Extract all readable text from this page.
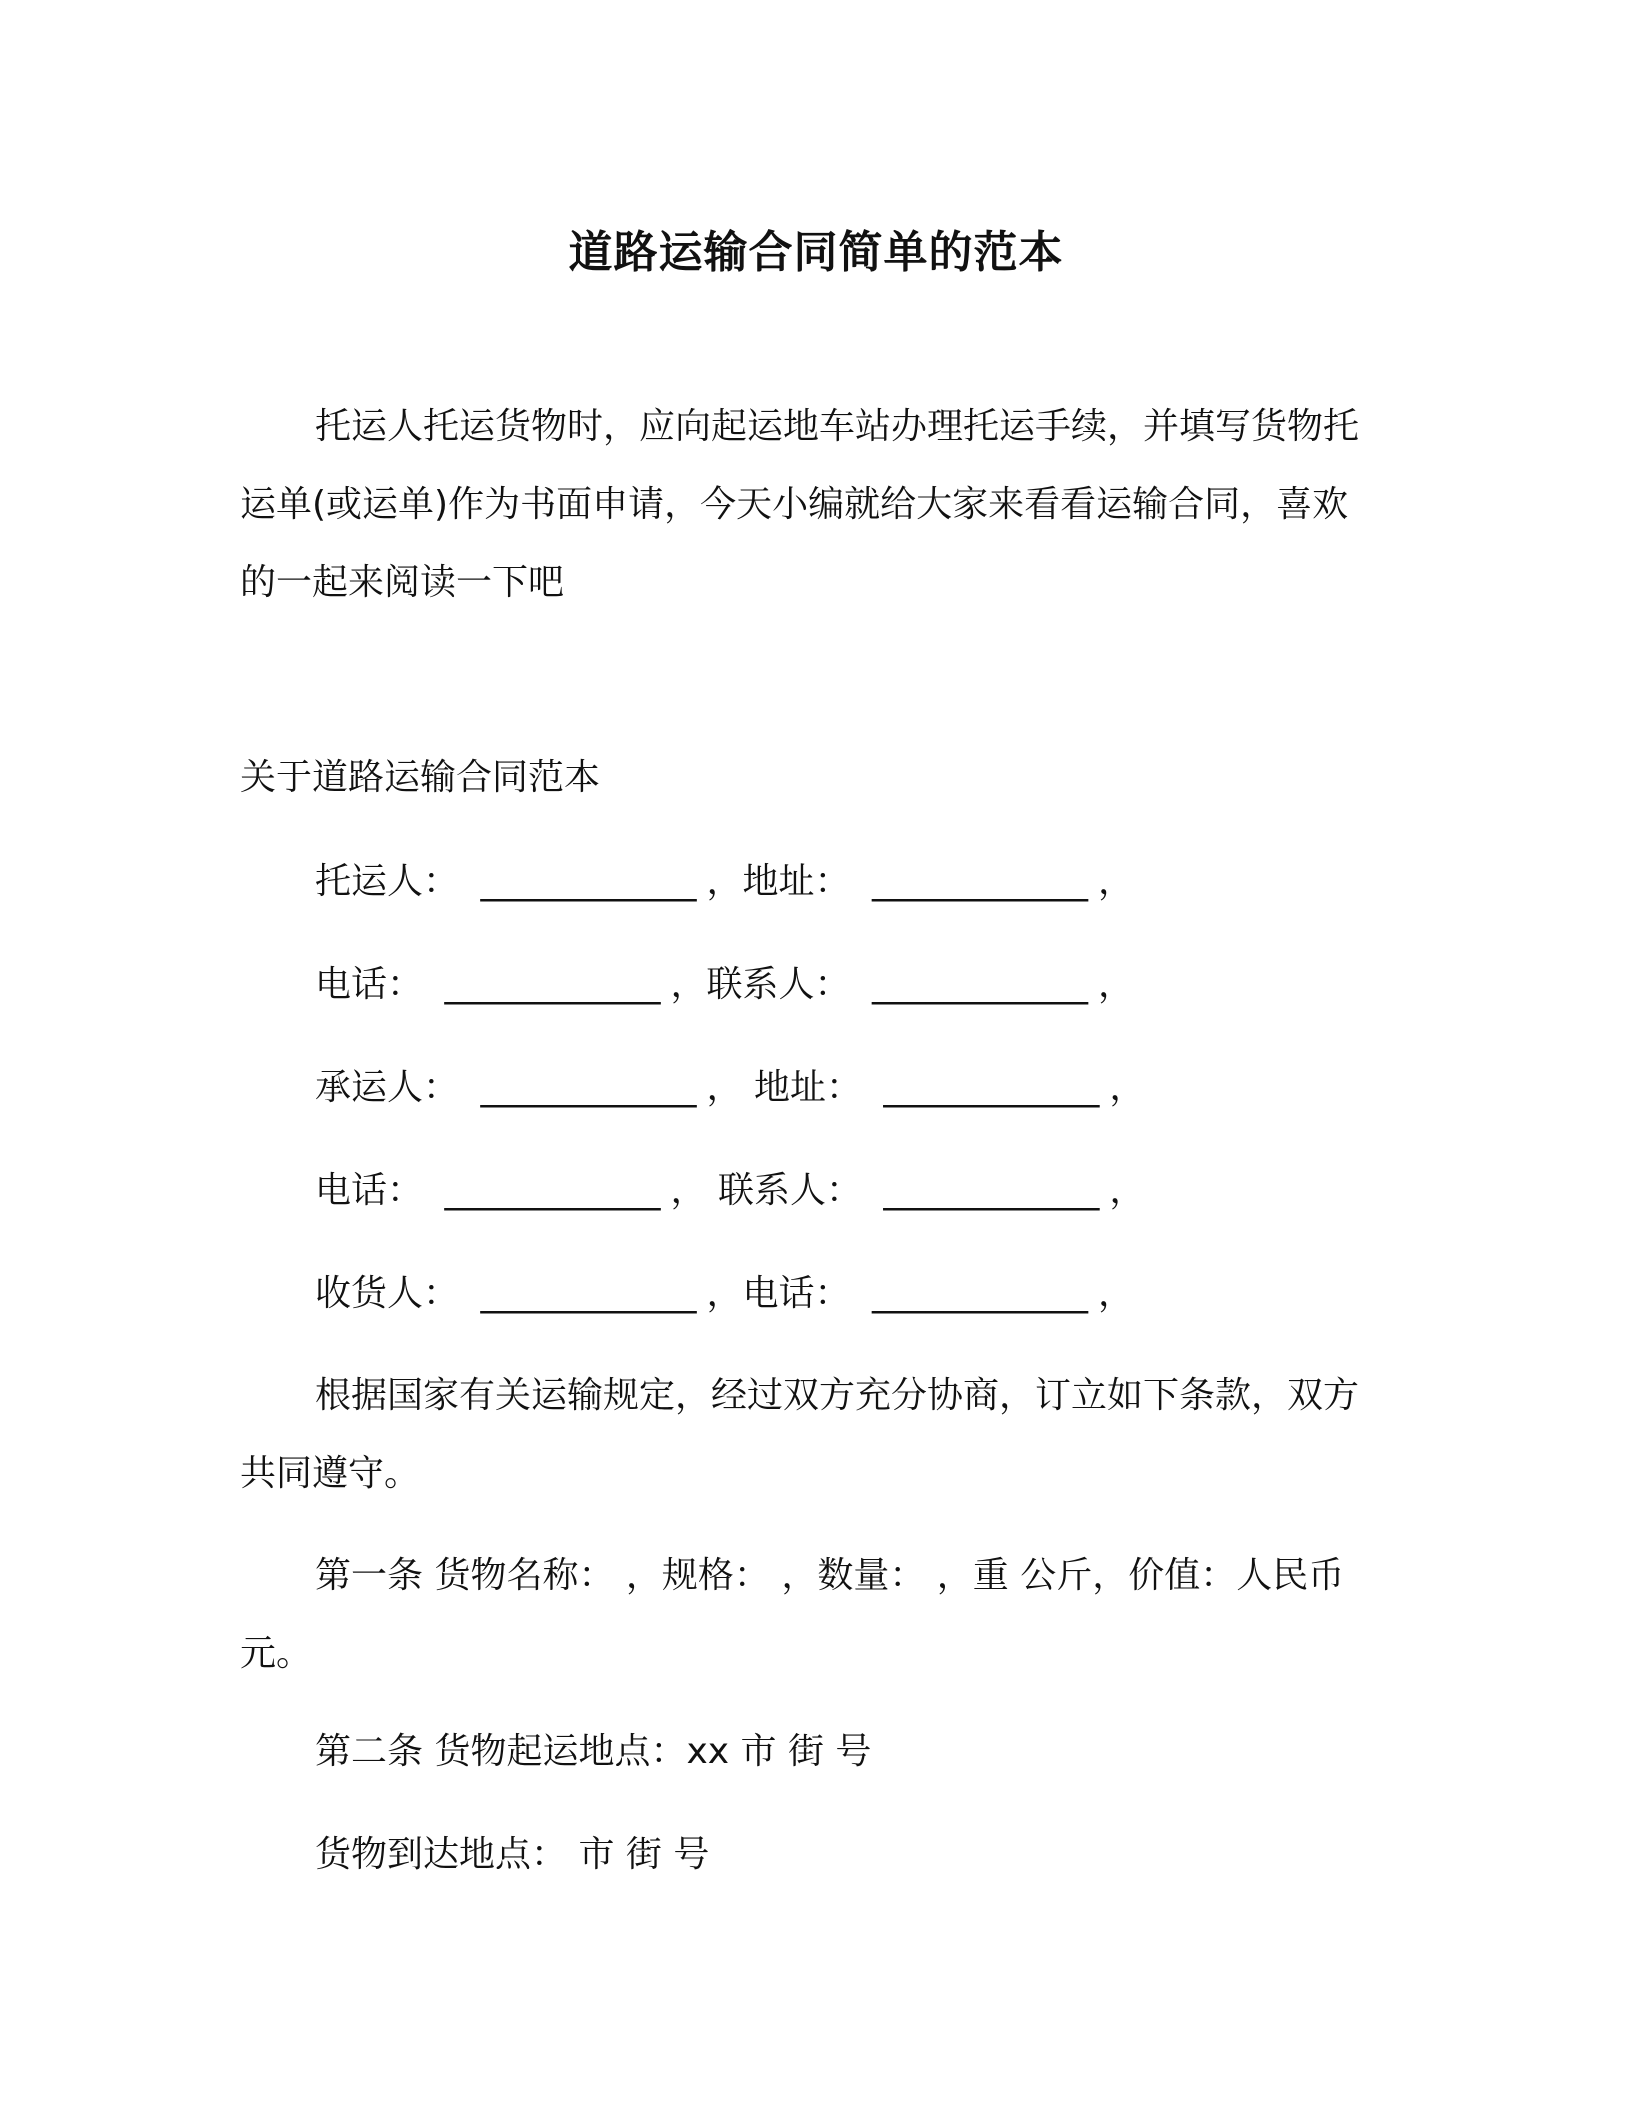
道路运输合同简单的范本
托运人托运货物时，应向起运地车站办理托运手续，并填写货物托运单(或运单)作为书面申请，今天小编就给大家来看看运输合同，喜欢的一起来阅读一下吧
关于道路运输合同范本
托运人： ____________ ，地址： ____________ ，
电话： ____________ ，联系人： ____________ ，
承运人： ____________ ， 地址： ____________ ，
电话： ____________ ， 联系人： ____________ ，
收货人： ____________ ，电话： ____________ ，
根据国家有关运输规定，经过双方充分协商，订立如下条款，双方共同遵守。
第一条 货物名称： ，规格： ，数量： ，重 公斤，价值：人民币 元。
第二条 货物起运地点：xx 市 街 号
货物到达地点： 市 街 号
